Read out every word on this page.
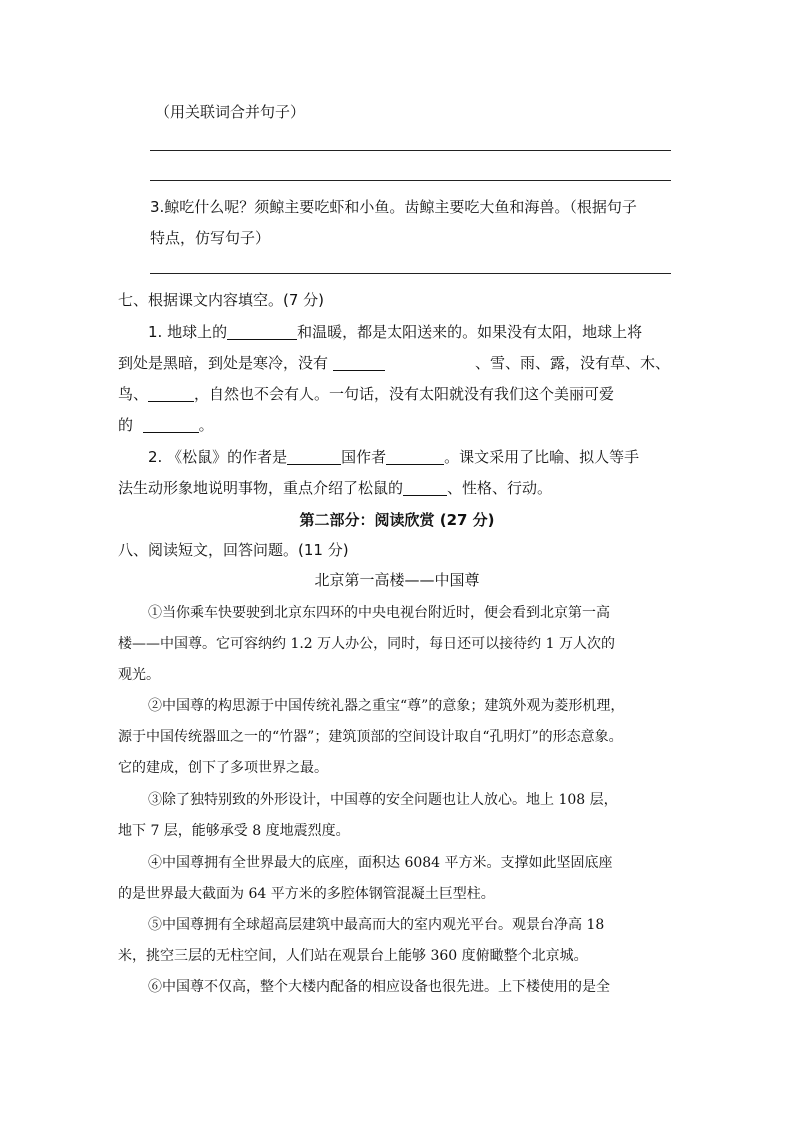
（用关联词合并句子）
3.鲸吃什么呢？须鲸主要吃虾和小鱼。齿鲸主要吃大鱼和海兽。（根据句子
特点，仿写句子）
七、根据课文内容填空。(7 分)
1. 地球上的	和温暖，都是太阳送来的。如果没有太阳，地球上将
到处是黑暗，到处是寒冷，没有	、雪、雨、露，没有草、木、
鸟、	，自然也不会有人。一句话，没有太阳就没有我们这个美丽可爱
的	。
2. 《松鼠》的作者是	国作者	。课文采用了比喻、拟人等手
法生动形象地说明事物，重点介绍了松鼠的	、性格、行动。
第二部分：阅读欣赏 (27 分)
八、阅读短文，回答问题。(11 分)
北京第一高楼——中国尊
①当你乘车快要驶到北京东四环的中央电视台附近时，便会看到北京第一高
楼——中国尊。它可容纳约 1.2 万人办公，同时，每日还可以接待约 1 万人次的
观光。
②中国尊的构思源于中国传统礼器之重宝“尊”的意象；建筑外观为菱形机理，
源于中国传统器皿之一的“竹器”；建筑顶部的空间设计取自“孔明灯”的形态意象。
它的建成，创下了多项世界之最。
③除了独特别致的外形设计，中国尊的安全问题也让人放心。地上 108 层，
地下 7 层，能够承受 8 度地震烈度。
④中国尊拥有全世界最大的底座，面积达 6084 平方米。支撑如此坚固底座
的是世界最大截面为 64 平方米的多腔体钢管混凝土巨型柱。
⑤中国尊拥有全球超高层建筑中最高而大的室内观光平台。观景台净高 18
米，挑空三层的无柱空间，人们站在观景台上能够 360 度俯瞰整个北京城。
⑥中国尊不仅高，整个大楼内配备的相应设备也很先进。上下楼使用的是全
